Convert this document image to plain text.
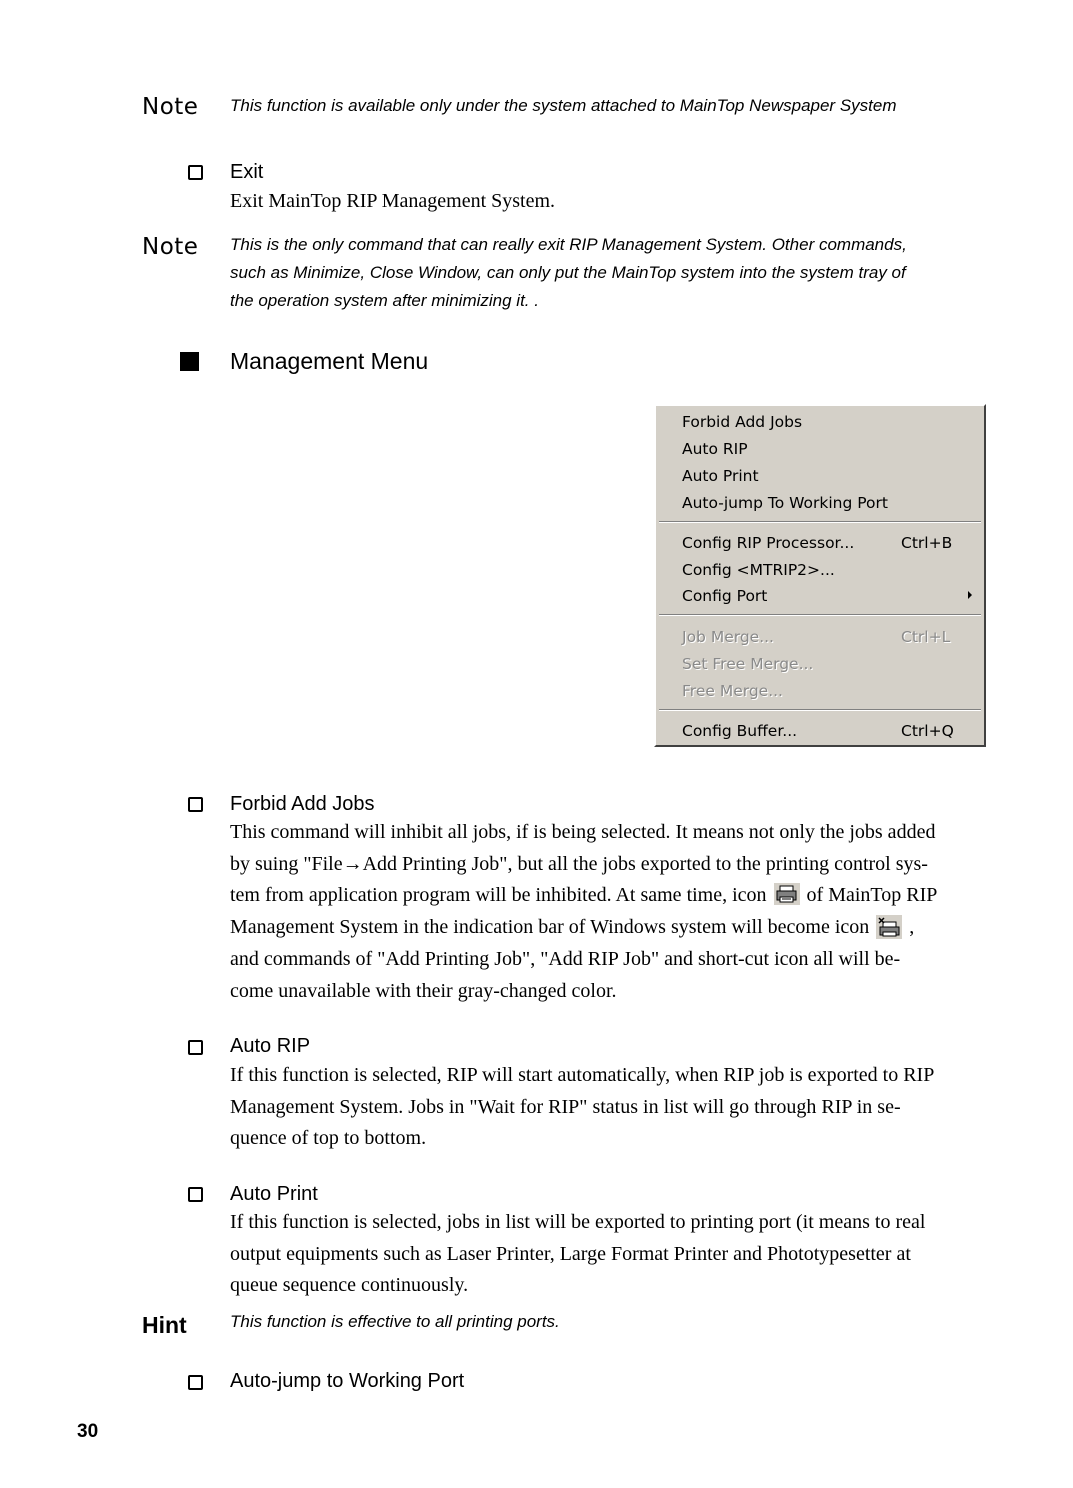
Note This function is available only under the system attached to MainTop Newspaper System
Exit
Exit MainTop RIP Management System.
Note This is the only command that can really exit RIP Management System. Other commands,
such as Minimize, Close Window, can only put the MainTop system into the system tray of
the operation system after minimizing it. .
Management Menu
Forbid Add Jobs
Auto RIP
Auto Print
Auto-jump To Working Port
Config RIP Processor...	Ctrl+B
Config <MTRIP2>...
Config Port
Job Merge...	Ctrl+L
Set Free Merge...
Free Merge...
Config Buffer...	Ctrl+Q
Forbid Add Jobs
This command will inhibit all jobs, if is being selected. It means not only the jobs added
by suing "File→Add Printing Job", but all the jobs exported to the printing control sys-
tem from application program will be inhibited. At same time, icon of MainTop RIP
Management System in the indication bar of Windows system will become icon ,
and commands of "Add Printing Job", "Add RIP Job" and short-cut icon all will be-
come unavailable with their gray-changed color.
Auto RIP
If this function is selected, RIP will start automatically, when RIP job is exported to RIP
Management System. Jobs in "Wait for RIP" status in list will go through RIP in se-
quence of top to bottom.
Auto Print
If this function is selected, jobs in list will be exported to printing port (it means to real
output equipments such as Laser Printer, Large Format Printer and Phototypesetter at
queue sequence continuously.
Hint	This function is effective to all printing ports.
Auto-jump to Working Port
30
